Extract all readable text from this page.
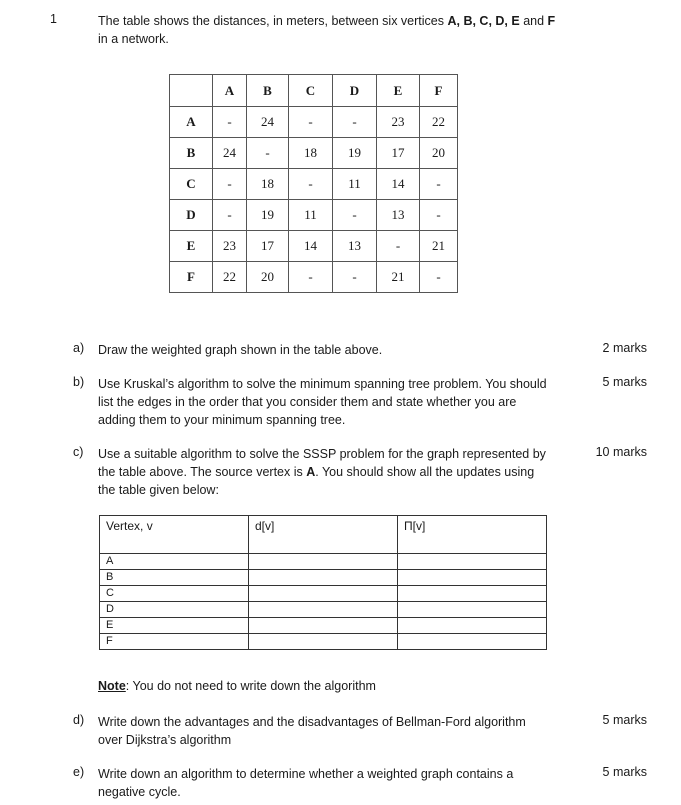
1	The table shows the distances, in meters, between six vertices A, B, C, D, E and F in a network.
	A	B	C	D	E	F
A	-	24	-	-	23	22
B	24	-	18	19	17	20
C	-	18	-	11	14	-
D	-	19	11	-	13	-
E	23	17	14	13	-	21
F	22	20	-	-	21	-
a) Draw the weighted graph shown in the table above.	2 marks
b) Use Kruskal’s algorithm to solve the minimum spanning tree problem. You should list the edges in the order that you consider them and state whether you are adding them to your minimum spanning tree.
5 marks
c) Use a suitable algorithm to solve the SSSP problem for the graph represented by the table above. The source vertex is A. You should show all the updates using the table given below:
10 marks
Vertex, v	d[v]	Π[v]
A		
B		
C		
D		
E		
F		
Note: You do not need to write down the algorithm
d) Write down the advantages and the disadvantages of Bellman-Ford algorithm over Dijkstra’s algorithm
5 marks
e) Write down an algorithm to determine whether a weighted graph contains a negative cycle.
5 marks
